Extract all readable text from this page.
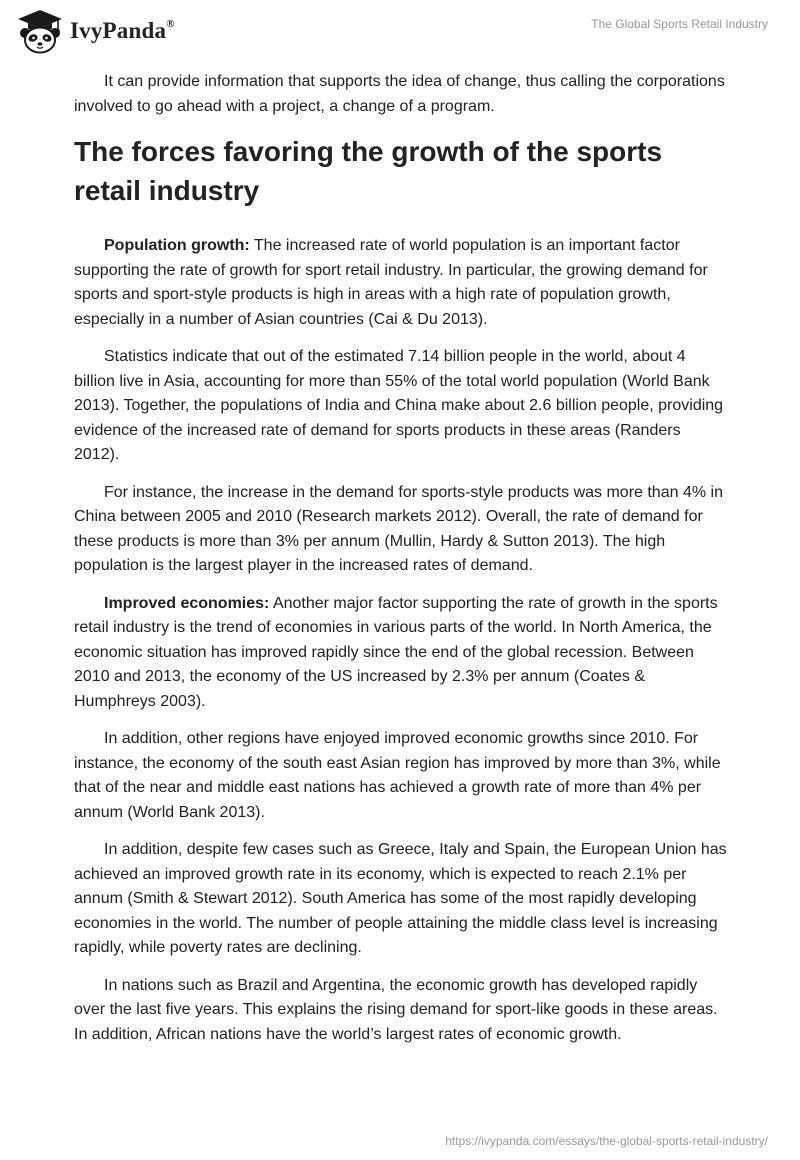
IvyPanda®	The Global Sports Retail Industry

It can provide information that supports the idea of change, thus calling the corporations involved to go ahead with a project, a change of a program.

The forces favoring the growth of the sports retail industry

Population growth: The increased rate of world population is an important factor supporting the rate of growth for sport retail industry. In particular, the growing demand for sports and sport-style products is high in areas with a high rate of population growth, especially in a number of Asian countries (Cai & Du 2013).

Statistics indicate that out of the estimated 7.14 billion people in the world, about 4 billion live in Asia, accounting for more than 55% of the total world population (World Bank 2013). Together, the populations of India and China make about 2.6 billion people, providing evidence of the increased rate of demand for sports products in these areas (Randers 2012).

For instance, the increase in the demand for sports-style products was more than 4% in China between 2005 and 2010 (Research markets 2012). Overall, the rate of demand for these products is more than 3% per annum (Mullin, Hardy & Sutton 2013). The high population is the largest player in the increased rates of demand.

Improved economies: Another major factor supporting the rate of growth in the sports retail industry is the trend of economies in various parts of the world. In North America, the economic situation has improved rapidly since the end of the global recession. Between 2010 and 2013, the economy of the US increased by 2.3% per annum (Coates & Humphreys 2003).

In addition, other regions have enjoyed improved economic growths since 2010. For instance, the economy of the south east Asian region has improved by more than 3%, while that of the near and middle east nations has achieved a growth rate of more than 4% per annum (World Bank 2013).

In addition, despite few cases such as Greece, Italy and Spain, the European Union has achieved an improved growth rate in its economy, which is expected to reach 2.1% per annum (Smith & Stewart 2012). South America has some of the most rapidly developing economies in the world. The number of people attaining the middle class level is increasing rapidly, while poverty rates are declining.

In nations such as Brazil and Argentina, the economic growth has developed rapidly over the last five years. This explains the rising demand for sport-like goods in these areas. In addition, African nations have the world’s largest rates of economic growth.

https://ivypanda.com/essays/the-global-sports-retail-industry/
